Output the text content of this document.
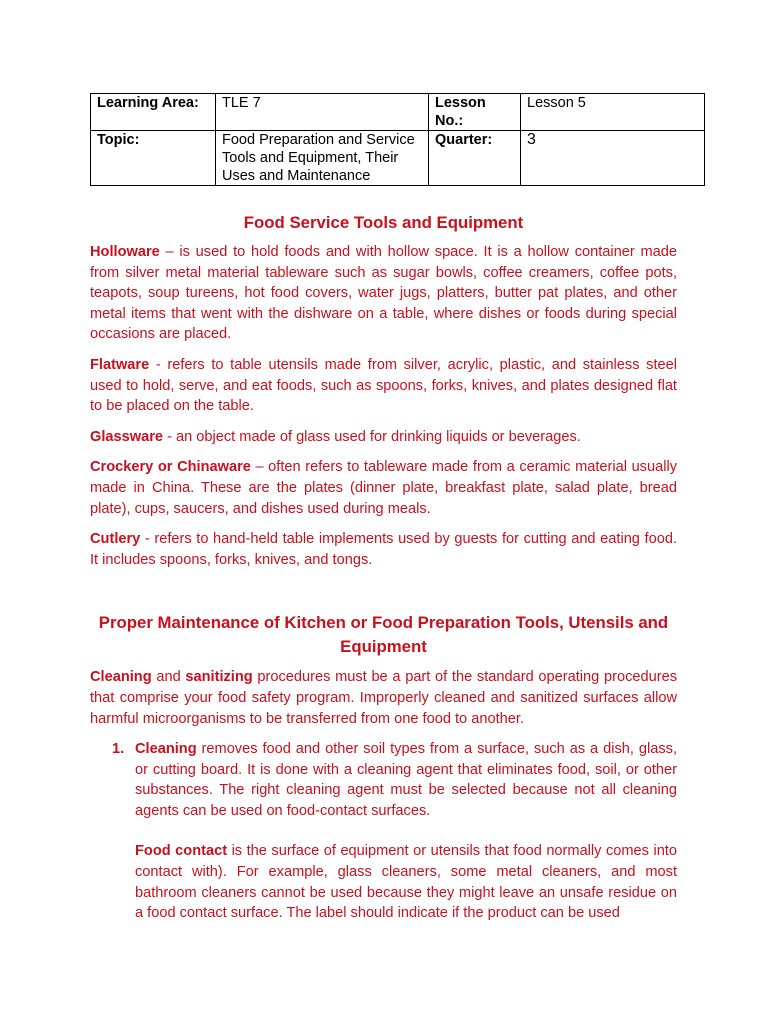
Learning Area:	TLE 7	Lesson No.:	Lesson 5
Topic:	Food Preparation and Service Tools and Equipment, Their Uses and Maintenance	Quarter:	3
Food Service Tools and Equipment

Holloware – is used to hold foods and with hollow space. It is a hollow container made from silver metal material tableware such as sugar bowls, coffee creamers, coffee pots, teapots, soup tureens, hot food covers, water jugs, platters, butter pat plates, and other metal items that went with the dishware on a table, where dishes or foods during special occasions are placed.

Flatware - refers to table utensils made from silver, acrylic, plastic, and stainless steel used to hold, serve, and eat foods, such as spoons, forks, knives, and plates designed flat to be placed on the table.

Glassware - an object made of glass used for drinking liquids or beverages.

Crockery or Chinaware – often refers to tableware made from a ceramic material usually made in China. These are the plates (dinner plate, breakfast plate, salad plate, bread plate), cups, saucers, and dishes used during meals.

Cutlery - refers to hand-held table implements used by guests for cutting and eating food. It includes spoons, forks, knives, and tongs.

Proper Maintenance of Kitchen or Food Preparation Tools, Utensils and Equipment

Cleaning and sanitizing procedures must be a part of the standard operating procedures that comprise your food safety program. Improperly cleaned and sanitized surfaces allow harmful microorganisms to be transferred from one food to another.

1. Cleaning removes food and other soil types from a surface, such as a dish, glass, or cutting board. It is done with a cleaning agent that eliminates food, soil, or other substances. The right cleaning agent must be selected because not all cleaning agents can be used on food-contact surfaces.

Food contact is the surface of equipment or utensils that food normally comes into contact with). For example, glass cleaners, some metal cleaners, and most bathroom cleaners cannot be used because they might leave an unsafe residue on a food contact surface. The label should indicate if the product can be used
